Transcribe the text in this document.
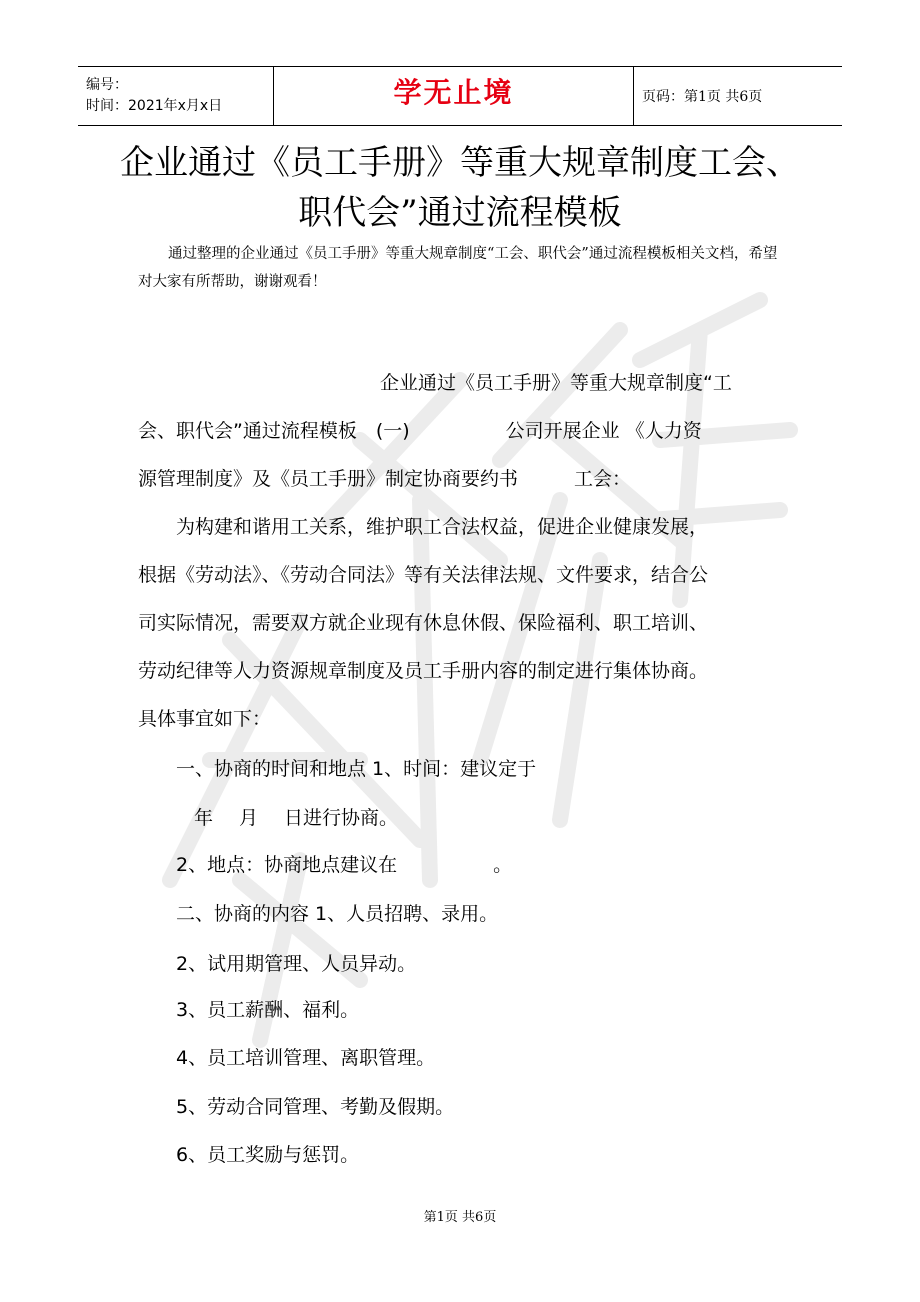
编号：
时间：2021年x月x日	学无止境	页码：第1页 共6页
企业通过《员工手册》等重大规章制度工会、
职代会”通过流程模板
通过整理的企业通过《员工手册》等重大规章制度“工会、职代会”通过流程模板相关文档，希望对大家有所帮助，谢谢观看！
企业通过《员工手册》等重大规章制度“工
会、职代会”通过流程模板　(一)	公司开展企业 《人力资
源管理制度》及《员工手册》制定协商要约书	工会：
为构建和谐用工关系，维护职工合法权益，促进企业健康发展，
根据《劳动法》、《劳动合同法》等有关法律法规、文件要求，结合公
司实际情况，需要双方就企业现有休息休假、保险福利、职工培训、
劳动纪律等人力资源规章制度及员工手册内容的制定进行集体协商。
具体事宜如下：
一、协商的时间和地点 1、时间：建议定于
年 月 日进行协商。
2、地点：协商地点建议在	。
二、协商的内容 1、人员招聘、录用。
2、试用期管理、人员异动。
3、员工薪酬、福利。
4、员工培训管理、离职管理。
5、劳动合同管理、考勤及假期。
6、员工奖励与惩罚。
第1页 共6页
